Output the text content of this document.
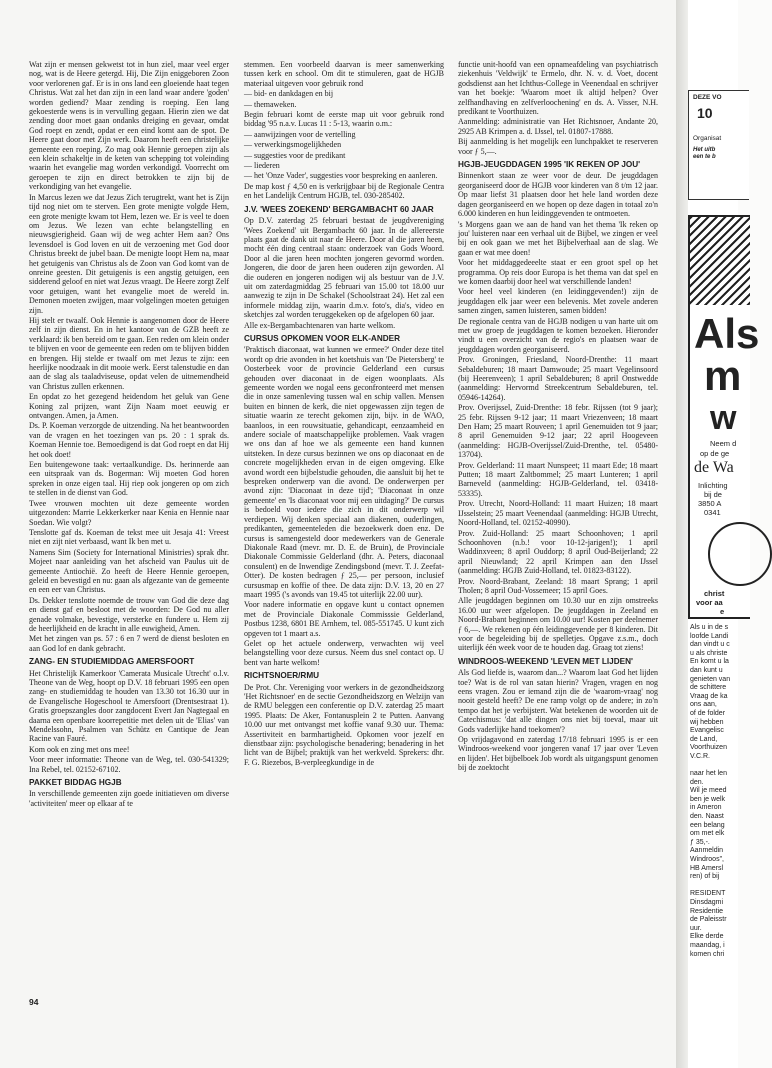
Wat zijn er mensen gekwetst tot in hun ziel, maar veel erger nog, wat is de Heere getergd. Hij, Die Zijn eniggeboren Zoon voor verlorenen gaf. Er is in ons land een gloeiende haat tegen Christus. Wat zal het dan zijn in een land waar andere 'goden' worden gediend? Maar zending is roeping. Een lang gekoesterde wens is in vervulling gegaan. Hierin zien we dat zending door moet gaan ondanks dreiging en gevaar, omdat God roept en zendt, opdat er een eind komt aan de spot. De Heere gaat door met Zijn werk. Daarom heeft een christelijke gemeente een roeping. Zo mag ook Hennie geroepen zijn als een klein schakeltje in de keten van schepping tot voleinding waarin het evangelie mag worden verkondigd. Voorrecht om geroepen te zijn en direct betrokken te zijn bij de verkondiging van het evangelie.

In Marcus lezen we dat Jezus Zich terugtrekt, want het is Zijn tijd nog niet om te sterven. Een grote menigte volgde Hem, een grote menigte kwam tot Hem, lezen we. Er is veel te doen om Jezus. We lezen van echte belangstelling en nieuwsgierigheid. Gaan wij de weg achter Hem aan? Ons levensdoel is God loven en uit de verzoening met God door Christus breekt de jubel baan. De menigte loopt Hem na, maar het getuigenis van Christus als de Zoon van God komt van de onreine geesten. Dit getuigenis is een angstig getuigen, een sidderend geloof en niet wat Jezus vraagt. De Heere zorgt Zelf voor getuigen, want het evangelie moet de wereld in. Demonen moeten zwijgen, maar volgelingen moeten getuigen zijn.

Hij stelt er twaalf. Ook Hennie is aangenomen door de Heere zelf in zijn dienst. En in het kantoor van de GZB heeft ze verklaard: ik ben bereid om te gaan. Een reden om klein onder te blijven en voor de gemeente een reden om te blijven bidden en brengen. Hij stelde er twaalf om met Jezus te zijn: een heerlijke noodzaak in dit mooie werk. Eerst talenstudie en dan aan de slag als taaladviseuse, opdat velen de uitnemendheid van Christus zullen erkennen.

En opdat zo het gezegend heidendom het geluk van Gene Koning zal prijzen, want Zijn Naam moet eeuwig er ontvangen. Amen, ja Amen.

Ds. P. Koeman verzorgde de uitzending. Na het beantwoorden van de vragen en het toezingen van ps. 20 : 1 sprak ds. Koeman Hennie toe. Bemoedigend is dat God roept en dat Hij het ook doet!

Een buitengewone taak: vertaalkundige. Ds. herinnerde aan een uitspraak van ds. Bogerman: Wij moeten God horen spreken in onze eigen taal. Hij riep ook jongeren op om zich te stellen in de dienst van God.

Twee vrouwen mochten uit deze gemeente worden uitgezonden: Marrie Lekkerkerker naar Kenia en Hennie naar Soedan. Wie volgt?

Tenslotte gaf ds. Koeman de tekst mee uit Jesaja 41: Vreest niet en zijt niet verbaasd, want Ik ben met u.

Namens Sim (Society for International Ministries) sprak dhr. Mojeet naar aanleiding van het afscheid van Paulus uit de gemeente Antiochië. Zo heeft de Heere Hennie geroepen, geleid en bevestigd en nu: gaan als afgezante van de gemeente en een eer van Christus.

Ds. Dekker tenslotte noemde de trouw van God die deze dag en dienst gaf en besloot met de woorden: De God nu aller genade volmake, bevestige, versterke en fundere u. Hem zij de heerlijkheid en de kracht in alle euwigheid, Amen.

Met het zingen van ps. 57 : 6 en 7 werd de dienst besloten en aan God lof en dank gebracht.

ZANG- EN STUDIEMIDDAG AMERSFOORT

Het Christelijk Kamerkoor 'Camerata Musicale Utrecht' o.l.v. Theone van de Weg, hoopt op D.V. 18 februari 1995 een open zang- en studiemiddag te houden van 13.30 tot 16.30 uur in de Evangelische Hogeschool te Amersfoort (Drentsestraat 1). Gratis groepszangles door zangdocent Evert Jan Nagtegaal en daarna een openbare koorrepetitie met delen uit de 'Elias' van Mendelssohn, Psalmen van Schütz en Cantique de Jean Racine van Fauré.

Kom ook en zing met ons mee!

Voor meer informatie: Theone van de Weg, tel. 030-541329; Ina Rebel, tel. 02152-67102.

PAKKET BIDDAG HGJB

In verschillende gemeenten zijn goede initiatieven om diverse 'activiteiten' meer op elkaar af te

stemmen. Een voorbeeld daarvan is meer samenwerking tussen kerk en school. Om dit te stimuleren, gaat de HGJB materiaal uitgeven voor gebruik rond

— bid- en dankdagen en bij

— themaweken.

Begin februari komt de eerste map uit voor gebruik rond biddag '95 n.a.v. Lucas 11 : 5-13, waarin o.m.:

— aanwijzingen voor de vertelling

— verwerkingsmogelijkheden

— suggesties voor de predikant

— liederen

— het 'Onze Vader', suggesties voor bespreking en aanleren.

De map kost ƒ 4,50 en is verkrijgbaar bij de Regionale Centra en het Landelijk Centrum HGJB, tel. 030-285402.

J.V. 'WEES ZOEKEND' BERGAMBACHT 60 JAAR

Op D.V. zaterdag 25 februari bestaat de jeugdvereniging 'Wees Zoekend' uit Bergambacht 60 jaar. In de allereerste plaats gaat de dank uit naar de Heere. Door al die jaren heen, mocht één ding centraal staan: onderzoek van Gods Woord. Door al die jaren heen mochten jongeren gevormd worden. Jongeren, die door de jaren heen ouderen zijn geworden. Al die ouderen en jongeren nodigen wij als bestuur van de J.V. uit om zaterdagmiddag 25 februari van 15.00 tot 18.00 uur aanwezig te zijn in De Schakel (Schoolstraat 24). Het zal een informele middag zijn, waarin d.m.v. foto's, dia's, video en sketchjes zal worden teruggekeken op de afgelopen 60 jaar.

Alle ex-Bergambachtenaren van harte welkom.

CURSUS OPKOMEN VOOR ELK-ANDER

'Praktisch diaconaat, wat kunnen we ermee?' Onder deze titel wordt op drie avonden in het koetshuis van 'De Pietersberg' te Oosterbeek voor de provincie Gelderland een cursus gehouden over diaconaat in de eigen woonplaats. Als gemeente worden we nogal eens geconfronteerd met mensen die in onze samenleving tussen wal en schip vallen. Mensen buiten en binnen de kerk, die niet opgewassen zijn tegen de situatie waarin ze terecht gekomen zijn, bijv. in de WAO, baanloos, in een rouwsituatie, gehandicapt, eenzaamheid en andere sociale of maatschappelijke problemen. Vaak vragen we ons dan af hoe we als gemeente een hand kunnen uitsteken. In deze cursus bezinnen we ons op diaconaat en de concrete mogelijkheden ervan in de eigen omgeving. Elke avond wordt een bijbelstudie gehouden, die aansluit bij het te bespreken onderwerp van die avond. De onderwerpen per avond zijn: 'Diaconaat in deze tijd'; 'Diaconaat in onze gemeente' en 'Is diaconaat voor mij een uitdaging?' De cursus is bedoeld voor iedere die zich in dit onderwerp wil verdiepen. Wij denken speciaal aan diakenen, ouderlingen, predikanten, gemeenteleden die bezoekwerk doen enz. De cursus is samengesteld door medewerkers van de Generale Diakonale Raad (mevr. mr. D. E. de Bruin), de Provinciale Diakonale Commissie Gelderland (dhr. A. Peters, diaconaal consulent) en de Inwendige Zendingsbond (mevr. T. J. Zeefat-Otter). De kosten bedragen ƒ 25,— per persoon, inclusief cursusmap en koffie of thee. De data zijn: D.V. 13, 20 en 27 maart 1995 ('s avonds van 19.45 tot uiterlijk 22.00 uur).

Voor nadere informatie en opgave kunt u contact opnemen met de Provinciale Diakonale Commisssie Gelderland, Postbus 1238, 6801 BE Arnhem, tel. 085-551745. U kunt zich opgeven tot 1 maart a.s.

Gelet op het actuele onderwerp, verwachten wij veel belangstelling voor deze cursus. Neem dus snel contact op. U bent van harte welkom!

RICHTSNOER/RMU

De Prot. Chr. Vereniging voor werkers in de gezondheidszorg 'Het Richtsnoer' en de sectie Gezondheidszorg en Welzijn van de RMU beleggen een conferentie op D.V. zaterdag 25 maart 1995. Plaats: De Aker, Fontanusplein 2 te Putten. Aanvang 10.00 uur met ontvangst met koffie vanaf 9.30 uur. Thema: Assertiviteit en barmhartigheid. Opkomen voor jezelf en dienstbaar zijn: psychologische benadering; benadering in het licht van de Bijbel; praktijk van het werkveld. Sprekers: dhr. F. G. Riezebos, B-verpleegkundige in de

functie unit-hoofd van een opnameafdeling van psychiatrisch ziekenhuis 'Veldwijk' te Ermelo, dhr. N. v. d. Voet, docent godsdienst aan het Ichthus-College in Veenendaal en schrijver van het boekje: 'Waarom moet ik altijd helpen? Over zelfhandhaving en zelfverloochening' en ds. A. Visser, N.H. predikant te Voorthuizen.

Aanmelding: administratie van Het Richtsnoer, Andante 20, 2925 AB Krimpen a. d. IJssel, tel. 01807-17888.

Bij aanmelding is het mogelijk een lunchpakket te reserveren voor ƒ 5,—.

HGJB-JEUGDDAGEN 1995 'IK REKEN OP JOU'

Binnenkort staan ze weer voor de deur. De jeugddagen georganiseerd door de HGJB voor kinderen van 8 t/m 12 jaar. Op maar liefst 31 plaatsen door het hele land worden deze dagen georganiseerd en we hopen op deze dagen in totaal zo'n 6.000 kinderen en hun leidinggevenden te ontmoeten.

's Morgens gaan we aan de hand van het thema 'Ik reken op jou' luisteren naar een verhaal uit de Bijbel, we zingen er veel bij en ook gaan we met het Bijbelverhaal aan de slag. We gaan er wat mee doen!

Voor het middaggedeeelte staat er een groot spel op het programma. Op reis door Europa is het thema van dat spel en we komen daarbij door heel wat verschillende landen!

Voor heel veel kinderen (en leidinggevenden!) zijn de jeugddagen elk jaar weer een belevenis. Met zovele anderen samen zingen, samen luisteren, samen bidden!

De regionale centra van de HGJB nodigen u van harte uit om met uw groep de jeugddagen te komen bezoeken. Hieronder vindt u een overzicht van de regio's en plaatsen waar de jeugddagen worden georganiseerd.

Prov. Groningen, Friesland, Noord-Drenthe: 11 maart Sebaldeburen; 18 maart Damwoude; 25 maart Vegelinsoord (bij Heerenveen); 1 april Sebaldeburen; 8 april Onstwedde (aanmelding: Hervormd Streekcentrum Sebaldeburen, tel. 05946-14264).

Prov. Overijssel, Zuid-Drenthe: 18 febr. Rijssen (tot 9 jaar); 25 febr. Rijssen 9-12 jaar; 11 maart Vriezenveen; 18 maart Den Ham; 25 maart Rouveen; 1 april Genemuiden tot 9 jaar; 8 april Genemuiden 9-12 jaar; 22 april Hoogeveen (aanmelding: HGJB-Overijssel/Zuid-Drenthe, tel. 05480-13704).

Prov. Gelderland: 11 maart Nunspeet; 11 maart Ede; 18 maart Putten; 18 maart Zaltbommel; 25 maart Lunteren; 1 april Barneveld (aanmelding: HGJB-Gelderland, tel. 03418-53335).

Prov. Utrecht, Noord-Holland: 11 maart Huizen; 18 maart IJsselstein; 25 maart Veenendaal (aanmelding: HGJB Utrecht, Noord-Holland, tel. 02152-40990).

Prov. Zuid-Holland: 25 maart Schoonhoven; 1 april Schoonhoven (n.b.! voor 10-12-jarigen!); 1 april Waddinxveen; 8 april Ouddorp; 8 april Oud-Beijerland; 22 april Nieuwland; 22 april Krimpen aan den IJssel (aanmelding: HGJB Zuid-Holland, tel. 01823-83122).

Prov. Noord-Brabant, Zeeland: 18 maart Sprang; 1 april Tholen; 8 april Oud-Vossemeer; 15 april Goes.

Alle jeugddagen beginnen om 10.30 uur en zijn omstreeks 16.00 uur weer afgelopen. De jeugddagen in Zeeland en Noord-Brabant beginnen om 10.00 uur! Kosten per deelnemer ƒ 6,—. We rekenen op één leidinggevende per 8 kinderen. Dit voor de begeleiding bij de spelletjes. Opgave z.s.m., doch uiterlijk één week voor de te houden dag. Graag tot ziens!

WINDROOS-WEEKEND 'LEVEN MET LIJDEN'

Als God liefde is, waarom dan...? Waarom laat God het lijden toe? Wat is de rol van satan hierin? Vragen, vragen en nog eens vragen. Zou er iemand zijn die de 'waarom-vraag' nog nooit gesteld heeft? De ene ramp volgt op de andere; in zo'n tempo dat het je verbijstert. Wat betekenen de woorden uit de Catechismus: 'dat alle dingen ons niet bij toeval, maar uit Gods vaderlijke hand toekomen'?

Op vrijdagavond en zaterdag 17/18 februari 1995 is er een Windroos-weekend voor jongeren vanaf 17 jaar over 'Leven en lijden'. Het bijbelboek Job wordt als uitgangspunt genomen bij de zoektocht

94
DEZE VO
10
Organisat
Het uitb
een te b
Als
m
w
Neem d
op de ge
de Wa
Inlichting
bij de
3850 A
0341
christ
voor aa
e
Als u in de s
loofde Landi
dan vindt u c
u als christe
En komt u la
dan kunt u
genieten van
de schittere
Vraag de ka
ons aan,
of de folder
wij hebben
Evangelisc
de Land,
Voorthuizen
V.C.R.
naar het len
den.
Wil je meed
ben je welk
in Ameron
den. Naast
een belang
om met elk
ƒ 35,-.
Aanmeldin
Windroos",
HB Amersl
ren) of bij
RESIDENT
Dinsdagmi
Residentie
de Paleisstr
uur.
Elke derde
maandag, i
komen chri
